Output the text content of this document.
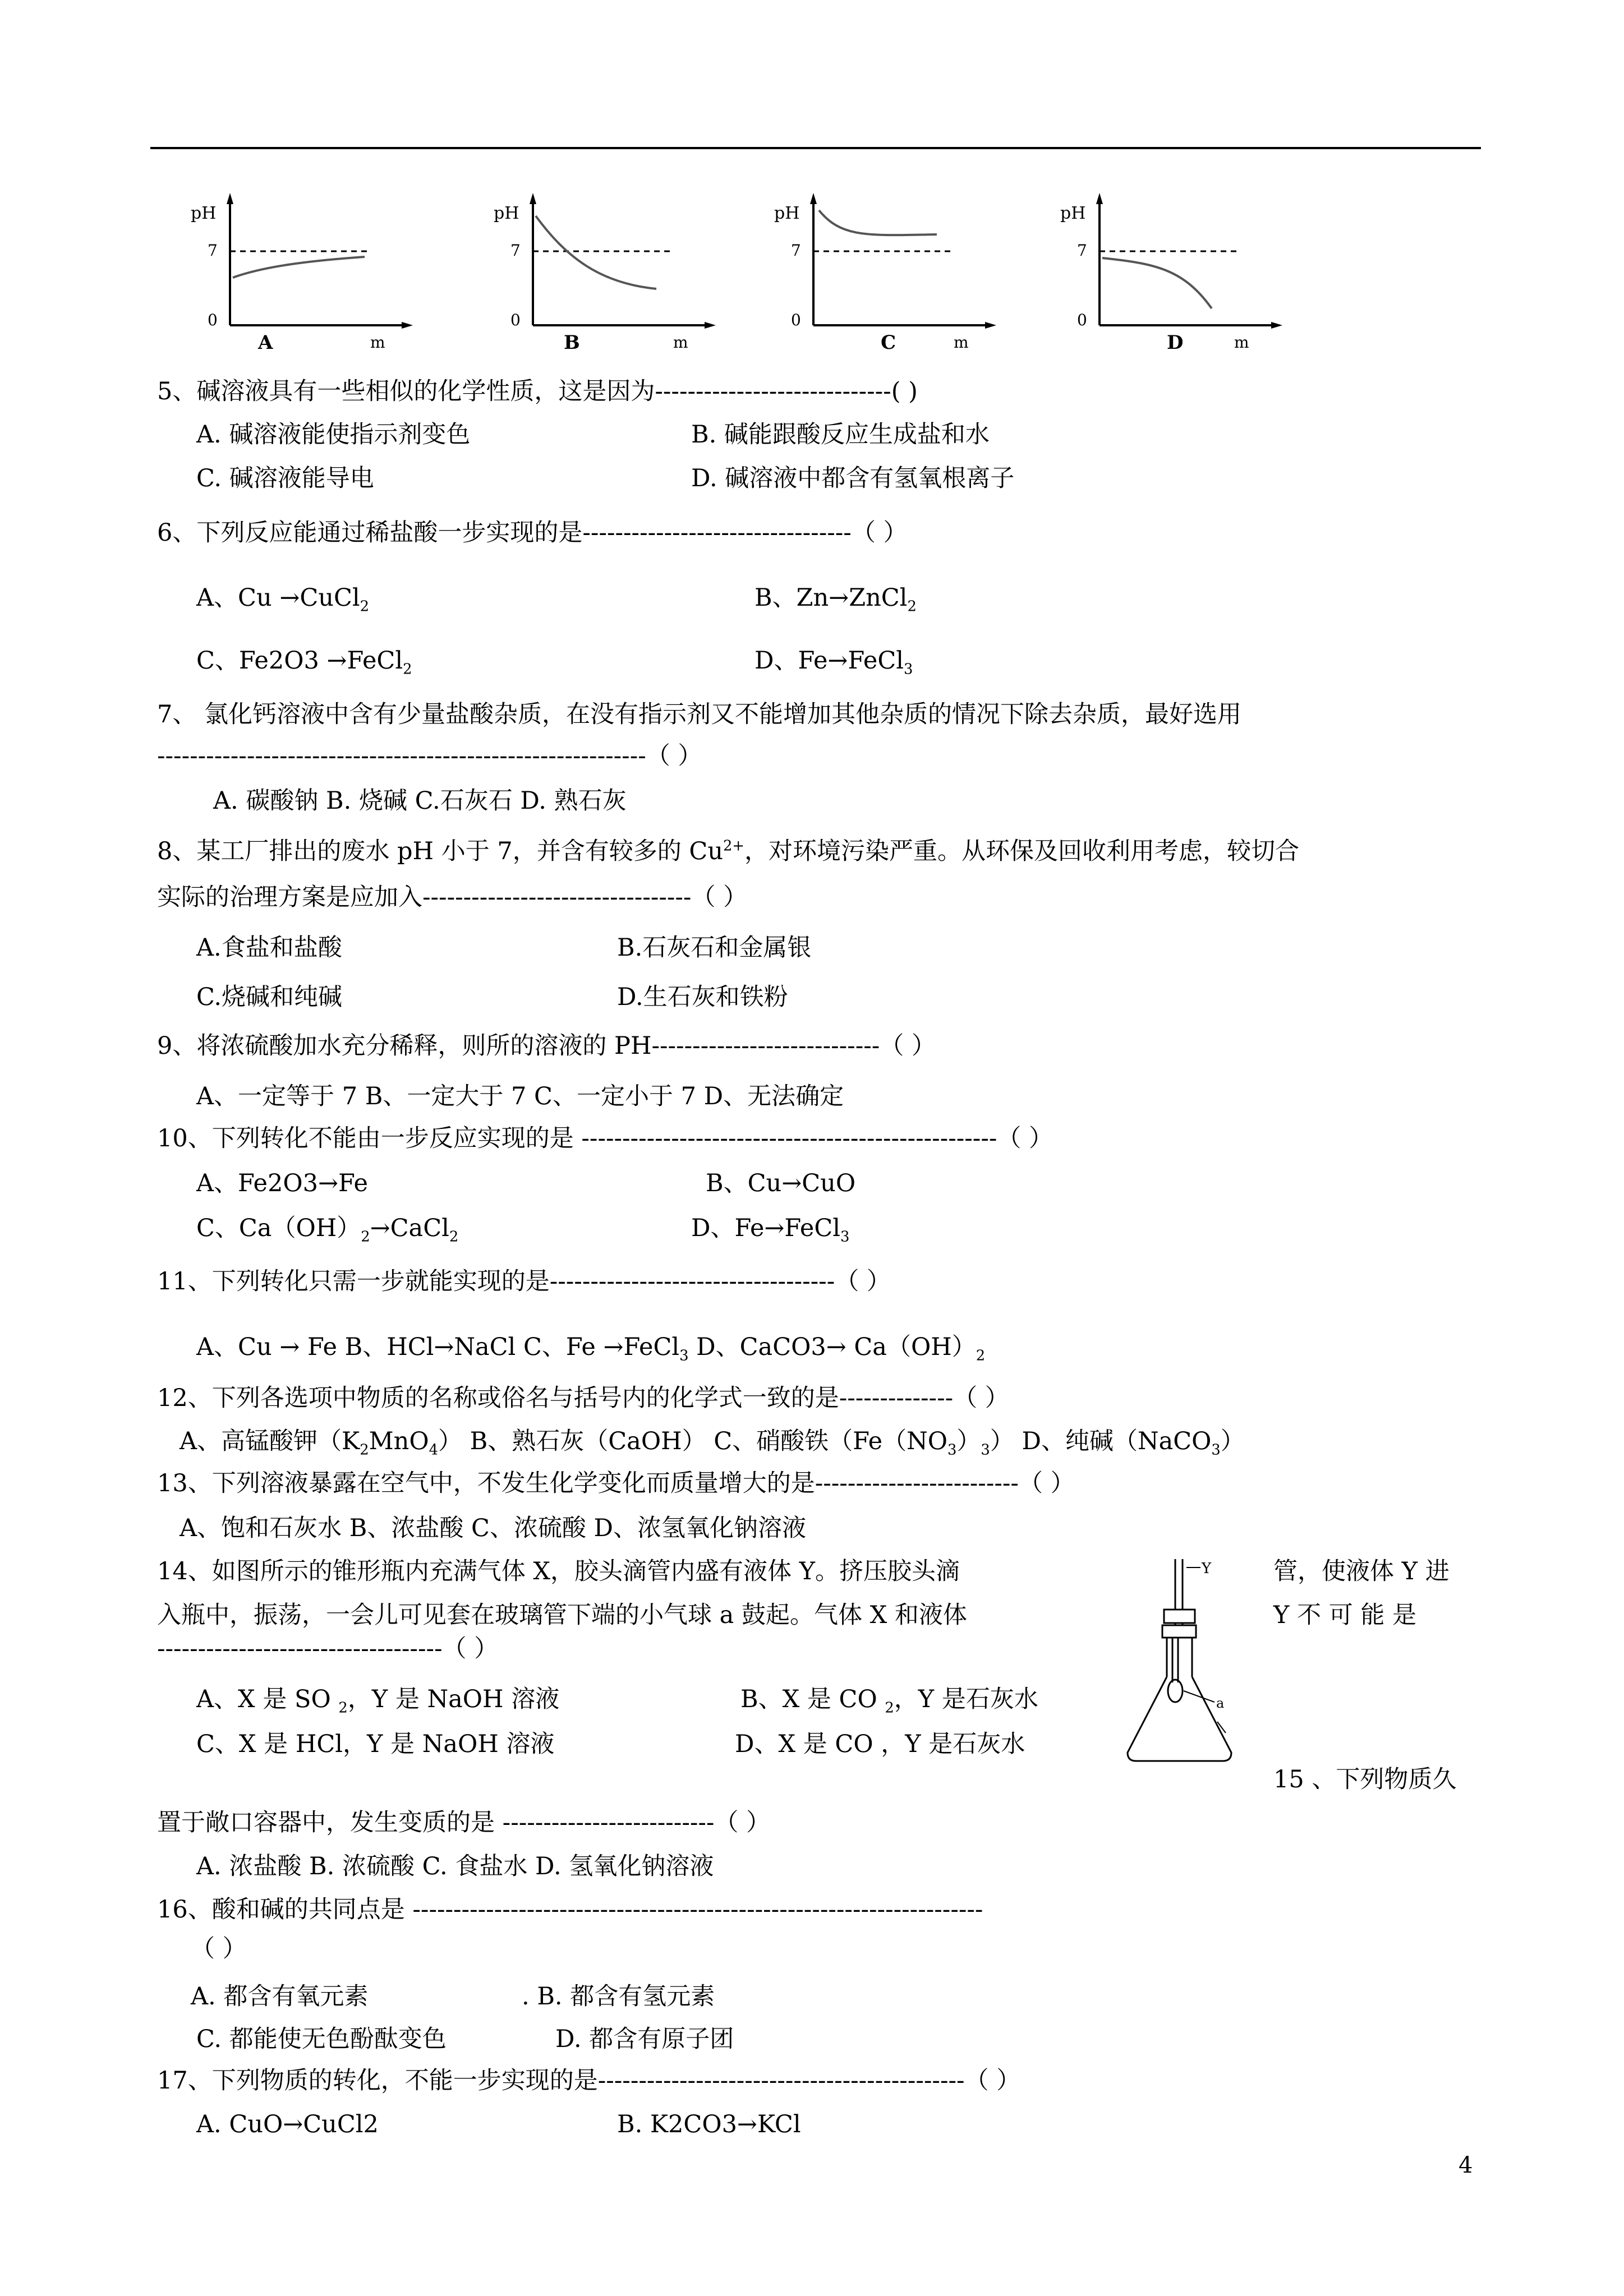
pH
7
0
A	m
pH
7
0
B	m
pH
7
0
C	m
pH
7
0
D	m
5、碱溶液具有一些相似的化学性质，这是因为-----------------------------( )
A. 碱溶液能使指示剂变色	B. 碱能跟酸反应生成盐和水
C. 碱溶液能导电	D. 碱溶液中都含有氢氧根离子
6、下列反应能通过稀盐酸一步实现的是---------------------------------（ ）
A、Cu →CuCl$_2$	B、Zn→ZnCl$_2$
C、Fe2O3 →FeCl$_2$	D、Fe→FeCl$_3$
7、 氯化钙溶液中含有少量盐酸杂质，在没有指示剂又不能增加其他杂质的情况下除去杂质，最好选用
------------------------------------------------------------（ ）
A. 碳酸钠 B. 烧碱 C.石灰石 D. 熟石灰
8、某工厂排出的废水 pH 小于 7，并含有较多的 $Cu^{2+}$，对环境污染严重。从环保及回收利用考虑，较切合
实际的治理方案是应加入---------------------------------（ ）
A.食盐和盐酸	B.石灰石和金属银
C.烧碱和纯碱	D.生石灰和铁粉
9、将浓硫酸加水充分稀释，则所的溶液的 PH----------------------------（ ）
A、一定等于 7 B、一定大于 7 C、一定小于 7 D、无法确定
10、下列转化不能由一步反应实现的是 ---------------------------------------------------（ ）
A、Fe2O3→Fe	B、Cu→CuO
C、$Ca(OH)_2\to CaCl_2$	D、Fe→FeCl$_3$
11、下列转化只需一步就能实现的是-----------------------------------（ ）
A、Cu → Fe B、HCl→NaCl C、Fe →FeCl$_3$ D、CaCO3→ $Ca(OH)_2$
12、下列各选项中物质的名称或俗名与括号内的化学式一致的是--------------（ ）
A、高锰酸钾$(K_2MnO_4)$ B、熟石灰（CaOH） C、硝酸铁$(Fe(NO_3)_3)$ D、纯碱（NaCO$_3$）
13、下列溶液暴露在空气中，不发生化学变化而质量增大的是-------------------------（ ）
A、饱和石灰水 B、浓盐酸 C、浓硫酸 D、浓氢氧化钠溶液
14、如图所示的锥形瓶内充满气体 X，胶头滴管内盛有液体 Y。挤压胶头滴	管，使液体 Y 进
入瓶中，振荡，一会儿可见套在玻璃管下端的小气球 a 鼓起。气体 X 和液体	Y 不 可 能 是
-----------------------------------（ ）
A、X 是 SO $_2$，Y 是 NaOH 溶液	B、X 是 CO $_2$，Y 是石灰水
C、X 是 HCl，Y 是 NaOH 溶液	D、X 是 CO ，Y 是石灰水
Y
a
15 、下列物质久
置于敞口容器中，发生变质的是 --------------------------（ ）
A. 浓盐酸 B. 浓硫酸 C. 食盐水 D. 氢氧化钠溶液
16、酸和碱的共同点是 ----------------------------------------------------------------------
（ ）
A. 都含有氧元素	. B. 都含有氢元素
C. 都能使无色酚酞变色	D. 都含有原子团
17、下列物质的转化，不能一步实现的是---------------------------------------------（ ）
A. CuO→CuCl2	B. K2CO3→KCl
4
